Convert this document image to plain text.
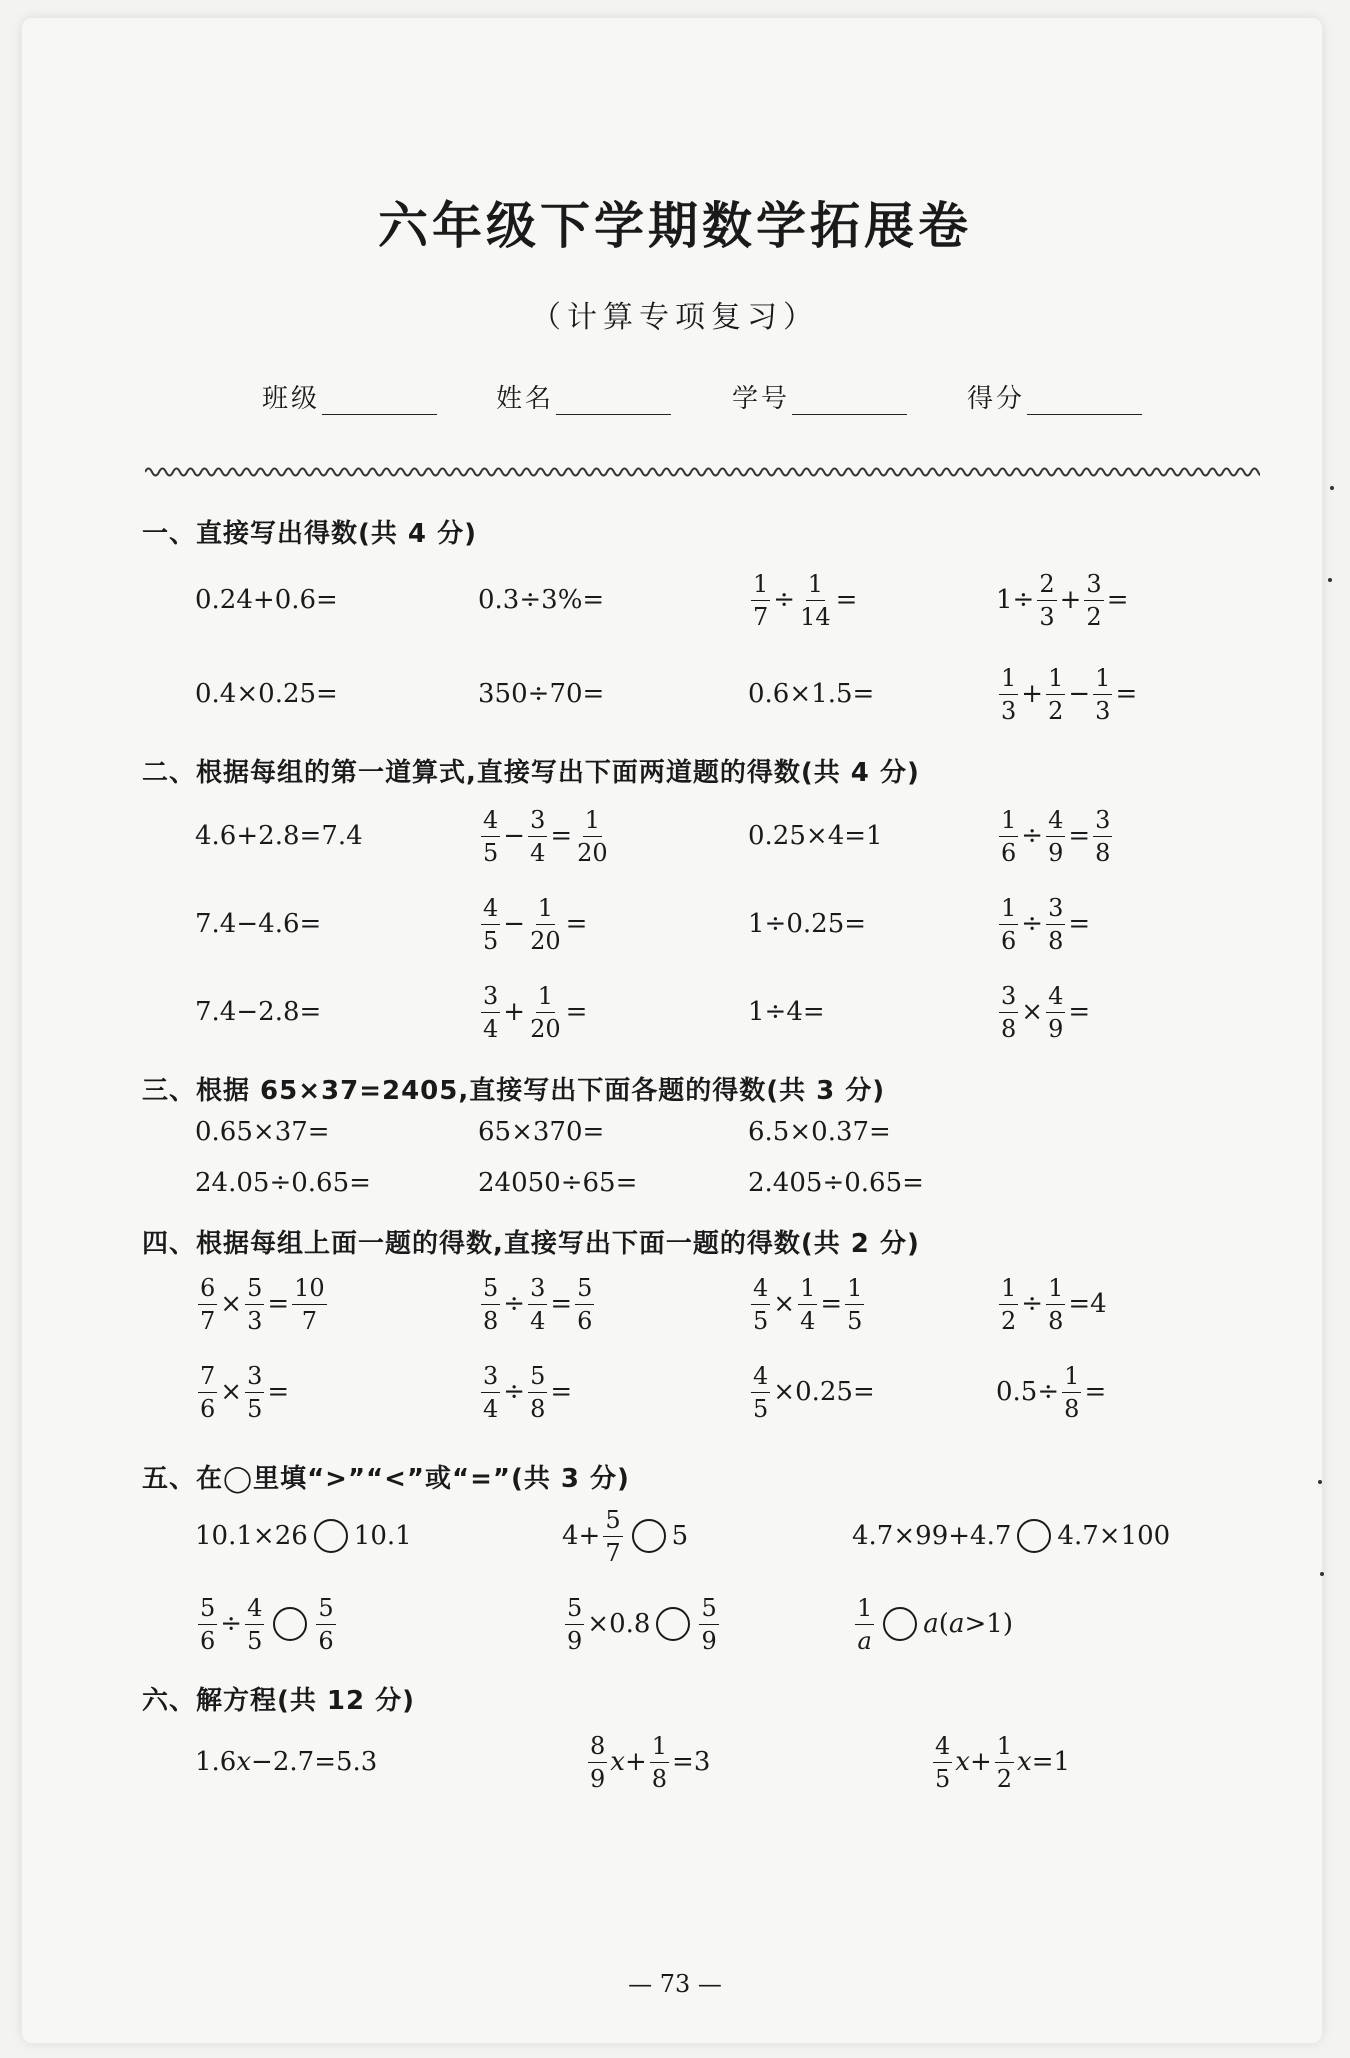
六年级下学期数学拓展卷
（计算专项复习）
班级	姓名	学号	得分
一、直接写出得数(共 4 分)
二、根据每组的第一道算式,直接写出下面两道题的得数(共 4 分)
三、根据 65×37=2405,直接写出下面各题的得数(共 3 分)
四、根据每组上面一题的得数,直接写出下面一题的得数(共 2 分)
五、在◯里填“>”“<”或“=”(共 3 分)
六、解方程(共 12 分)
0.24 + 0.6 =	0.3 ÷ 3% =	$\frac{1}{7} \div \frac{1}{14}$ =	$1 \div \frac{2}{3} + \frac{3}{2}$ =
0.4 × 0.25 =	350 ÷ 70 =	0.6 × 1.5 =	$\frac{1}{3} + \frac{1}{2} - \frac{1}{3}$ =
4.6 + 2.8 = 7.4	$\frac{4}{5} - \frac{3}{4} = \frac{1}{20}$	0.25 × 4 = 1	$\frac{1}{6} \div \frac{4}{9} = \frac{3}{8}$
7.4 − 4.6 =	$\frac{4}{5} - \frac{1}{20}$ =	1 ÷ 0.25 =	$\frac{1}{6} \div \frac{3}{8}$ =
7.4 − 2.8 =	$\frac{3}{4} + \frac{1}{20}$ =	1 ÷ 4 =	$\frac{3}{8} \times \frac{4}{9}$ =
0.65 × 37 =	65 × 370 =	6.5 × 0.37 =
24.05 ÷ 0.65 =	24050 ÷ 65 =	2.405 ÷ 0.65 =
$\frac{6}{7} \times \frac{5}{3} = \frac{10}{7}$	$\frac{5}{8} \div \frac{3}{4} = \frac{5}{6}$	$\frac{4}{5} \times \frac{1}{4} = \frac{1}{5}$	$\frac{1}{2} \div \frac{1}{8} = 4$
$\frac{7}{6} \times \frac{3}{5}$ =	$\frac{3}{4} \div \frac{5}{8}$ =	$\frac{4}{5} \times 0.25$ =	$0.5 \div \frac{1}{8}$ =
10.1 × 26 10.1	$4 + \frac{5}{7} 5$	4.7 × 99 + 4.7 4.7 × 100
$\frac{5}{6} \div \frac{4}{5} \frac{5}{6}$	$\frac{5}{9} \times 0.8 \frac{5}{9}$	$\frac{1}{a}$ a ( a > 1 )
1.6 x − 2.7 = 5.3	$\frac{8}{9}$ $x + \frac{1}{8} = 3$	$\frac{4}{5}$ $x + \frac{1}{2}$ x = 1
— 73 —
